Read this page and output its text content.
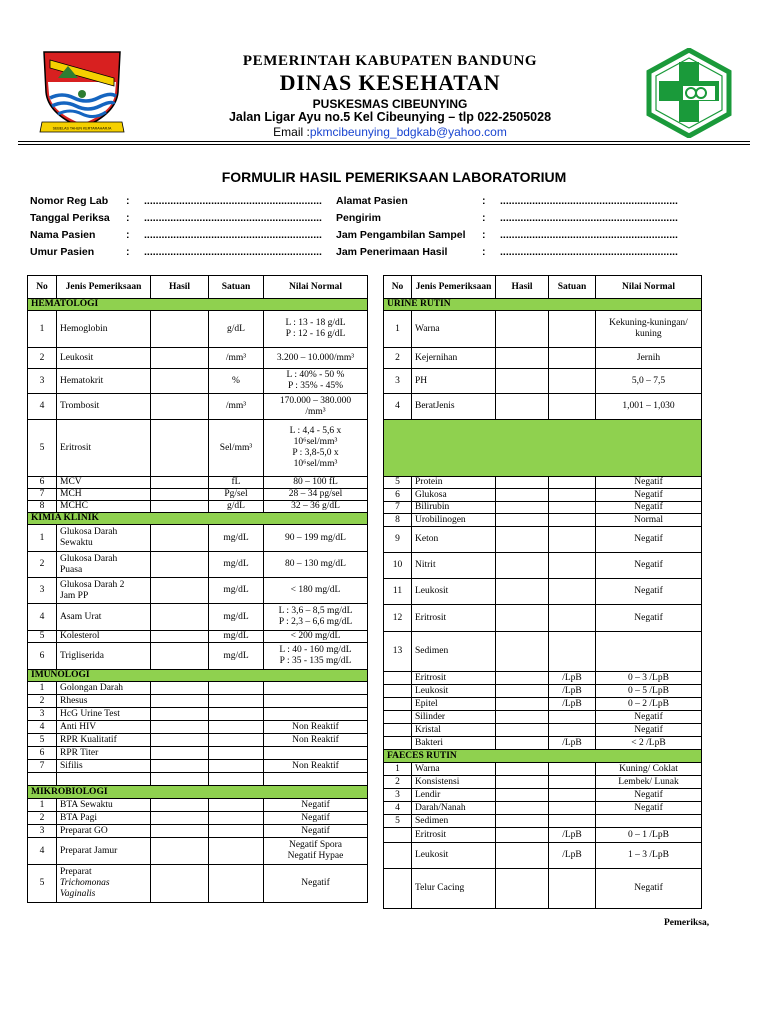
SEBELAS TAHUN KERTARAHARJA
PEMERINTAH KABUPATEN BANDUNG
DINAS KESEHATAN
PUSKESMAS CIBEUNYING
Jalan Ligar Ayu no.5 Kel Cibeunying – tlp 022-2505028
Email :pkmcibeunying_bdgkab@yahoo.com
FORMULIR HASIL PEMERIKSAAN LABORATORIUM
Nomor Reg Lab : .............................................................
Tanggal Periksa : .............................................................
Nama Pasien	: .............................................................
Umur Pasien	: .............................................................
Alamat Pasien	: .............................................................
Pengirim	: .............................................................
Jam Pengambilan Sampel : .............................................................
Jam Penerimaan Hasil	: .............................................................
No	Jenis Pemeriksaan	Hasil	Satuan	Nilai Normal
HEMATOLOGI				
1	Hemoglobin		g/dL	L : 13 - 18 g/dL
P : 12 - 16 g/dL
2	Leukosit		/mm³	3.200 – 10.000/mm³
3	Hematokrit		%	L : 40% - 50 %
P : 35% - 45%
4	Trombosit		/mm³	170.000 – 380.000
/mm³
5	Eritrosit		Sel/mm³	L : 4,4 - 5,6 x
10⁶sel/mm³
P : 3,8-5,0 x
10⁶sel/mm³
6	MCV		fL	80 – 100 fL
7	MCH		Pg/sel	28 – 34 pg/sel
8	MCHC		g/dL	32 – 36 g/dL
KIMIA KLINIK				
1	Glukosa Darah
Sewaktu		mg/dL	90 – 199 mg/dL
2	Glukosa Darah
Puasa		mg/dL	80 – 130 mg/dL
3	Glukosa Darah 2
Jam PP		mg/dL	< 180 mg/dL
4	Asam Urat		mg/dL	L : 3,6 – 8,5 mg/dL
P : 2,3 – 6,6 mg/dL
5	Kolesterol		mg/dL	< 200 mg/dL
6	Trigliserida		mg/dL	L : 40 - 160 mg/dL
P : 35 - 135 mg/dL
IMUNOLOGI				
1	Golongan Darah			
2	Rhesus			
3	HcG Urine Test			
4	Anti HIV			Non Reaktif
5	RPR Kualitatif			Non Reaktif
6	RPR Titer			
7	Sifilis			Non Reaktif

MIKROBIOLOGI				
1	BTA Sewaktu			Negatif
2	BTA Pagi			Negatif
3	Preparat GO			Negatif
4	Preparat Jamur			Negatif Spora
Negatif Hypae
5	Preparat
Trichomonas
Vaginalis			Negatif
No	Jenis Pemeriksaan	Hasil	Satuan	Nilai Normal
URINE RUTIN				
1	Warna			Kekuning-kuningan/
kuning
2	Kejernihan			Jernih
3	PH			5,0 – 7,5
4	BeratJenis			1,001 – 1,030

5	Protein			Negatif
6	Glukosa			Negatif
7	Bilirubin			Negatif
8	Urobilinogen			Normal
9	Keton			Negatif
10	Nitrit			Negatif
11	Leukosit			Negatif
12	Eritrosit			Negatif
13	Sedimen			
	Eritrosit		/LpB	0 – 3 /LpB
	Leukosit		/LpB	0 – 5 /LpB
	Epitel		/LpB	0 – 2 /LpB
	Silinder			Negatif
	Kristal			Negatif
	Bakteri		/LpB	< 2 /LpB
FAECES RUTIN				
1	Warna			Kuning/ Coklat
2	Konsistensi			Lembek/ Lunak
3	Lendir			Negatif
4	Darah/Nanah			Negatif
5	Sedimen			
	Eritrosit		/LpB	0 – 1 /LpB
	Leukosit		/LpB	1 – 3 /LpB
	Telur Cacing			Negatif
Pemeriksa,
